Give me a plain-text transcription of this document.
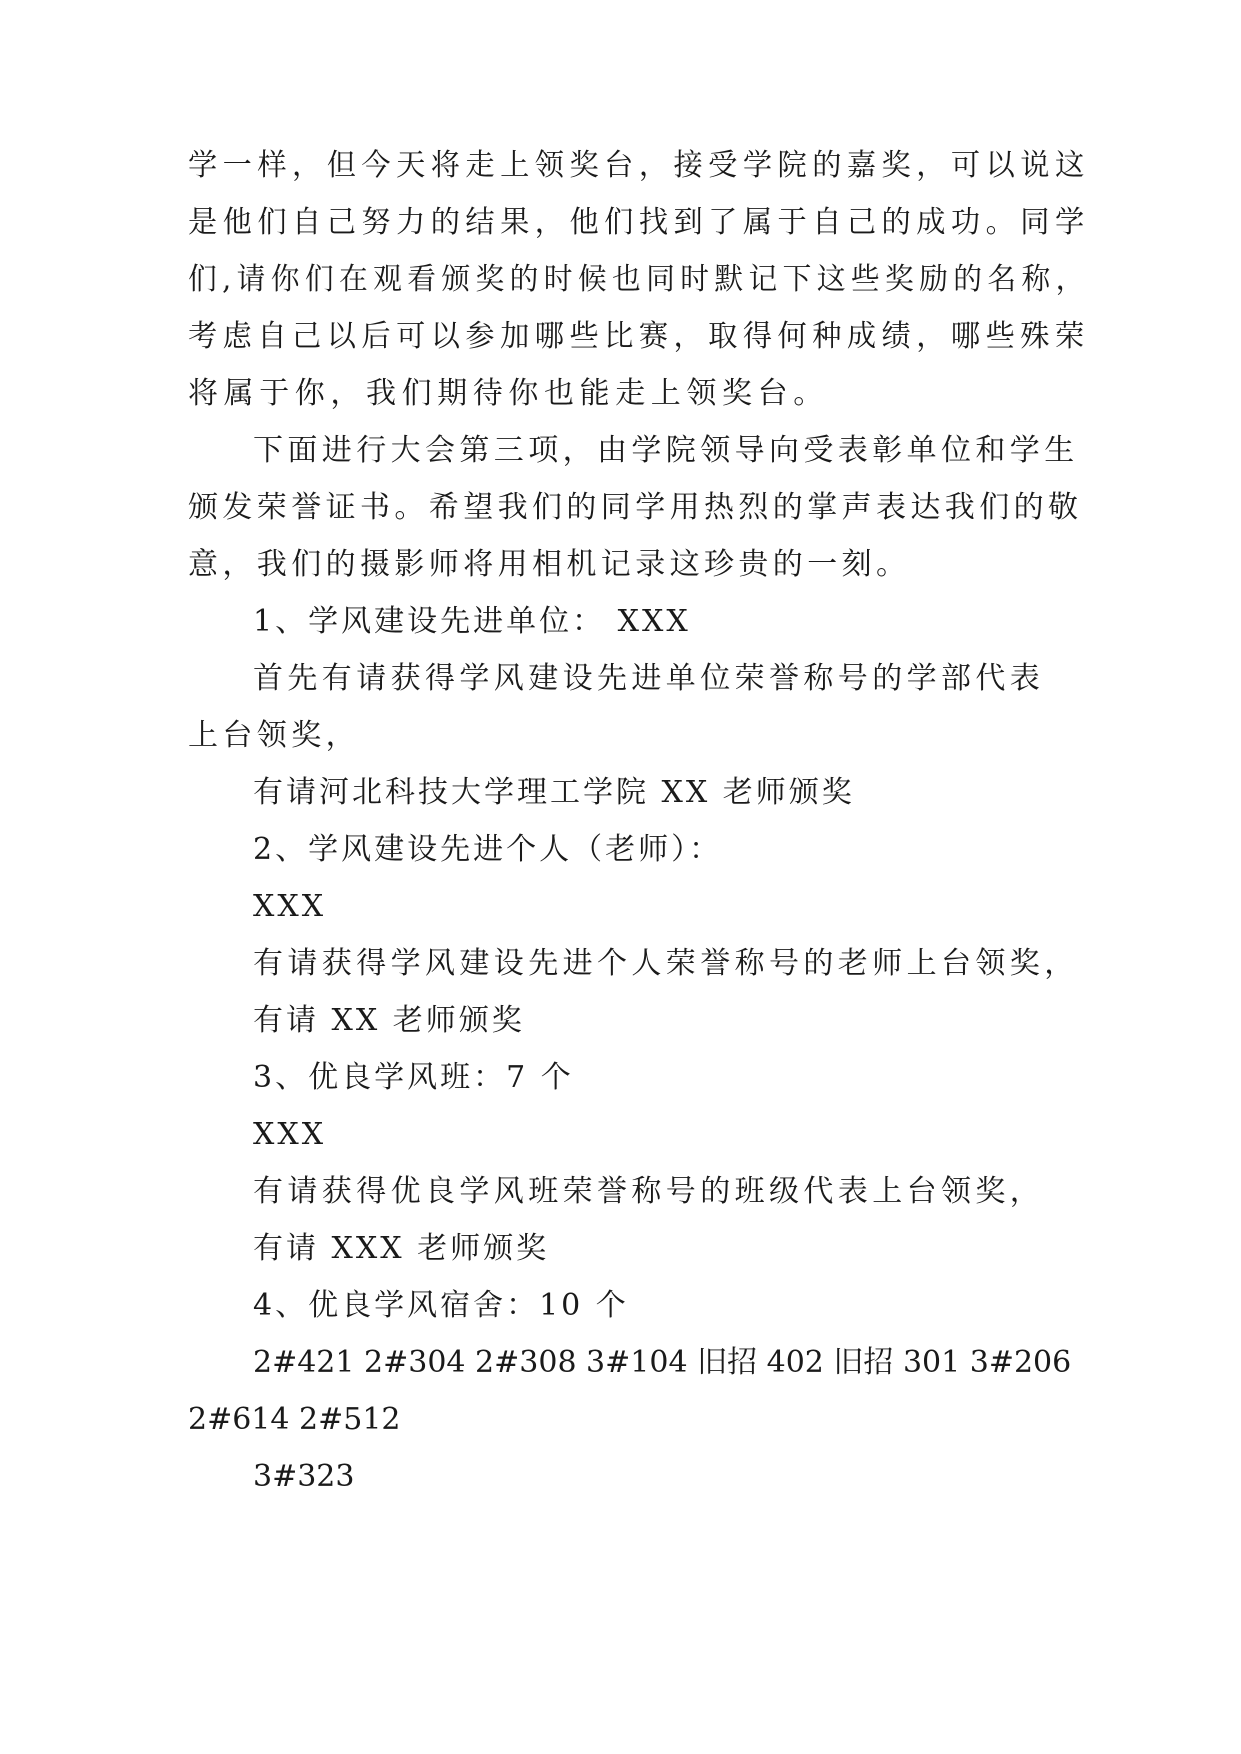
学一样，但今天将走上领奖台，接受学院的嘉奖，可以说这
是他们自己努力的结果，他们找到了属于自己的成功。同学
们,请你们在观看颁奖的时候也同时默记下这些奖励的名称，
考虑自己以后可以参加哪些比赛，取得何种成绩，哪些殊荣
将属于你，我们期待你也能走上领奖台。
下面进行大会第三项，由学院领导向受表彰单位和学生
颁发荣誉证书。希望我们的同学用热烈的掌声表达我们的敬
意，我们的摄影师将用相机记录这珍贵的一刻。
1、学风建设先进单位： XXX
首先有请获得学风建设先进单位荣誉称号的学部代表
上台领奖，
有请河北科技大学理工学院 XX 老师颁奖
2、学风建设先进个人（老师）：
XXX
有请获得学风建设先进个人荣誉称号的老师上台领奖，
有请 XX 老师颁奖
3、优良学风班：7 个
XXX
有请获得优良学风班荣誉称号的班级代表上台领奖，
有请 XXX 老师颁奖
4、优良学风宿舍：10 个
2#421 2#304 2#308 3#104 旧招 402 旧招 301 3#206
2#614 2#512
3#323
